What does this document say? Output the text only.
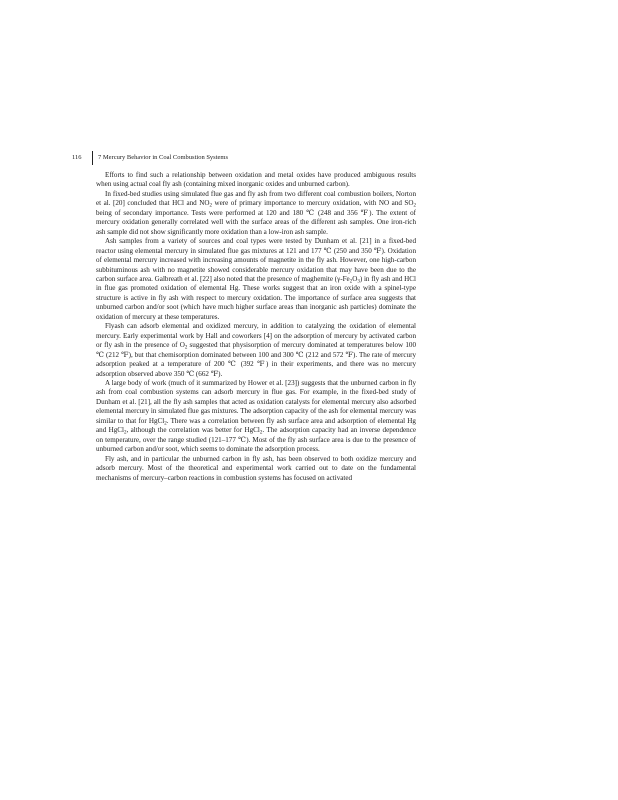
116	7 Mercury Behavior in Coal Combustion Systems

Efforts to find such a relationship between oxidation and metal oxides have produced ambiguous results when using actual coal fly ash (containing mixed inorganic oxides and unburned carbon).

In fixed-bed studies using simulated flue gas and fly ash from two different coal combustion boilers, Norton et al. [20] concluded that HCl and $NO_2$ were of primary importance to mercury oxidation, with NO and $SO_2$ being of secondary importance. Tests were performed at 120 and 180 ℃ (248 and 356 ℉). The extent of mercury oxidation generally correlated well with the surface areas of the different ash samples. One iron-rich ash sample did not show significantly more oxidation than a low-iron ash sample.

Ash samples from a variety of sources and coal types were tested by Dunham et al. [21] in a fixed-bed reactor using elemental mercury in simulated flue gas mixtures at 121 and 177 ℃ (250 and 350 ℉). Oxidation of elemental mercury increased with increasing amounts of magnetite in the fly ash. However, one high-carbon subbituminous ash with no magnetite showed considerable mercury oxidation that may have been due to the carbon surface area. Galbreath et al. [22] also noted that the presence of maghemite $(\gamma-Fe_2O_3)$ in fly ash and HCl in flue gas promoted oxidation of elemental Hg. These works suggest that an iron oxide with a spinel-type structure is active in fly ash with respect to mercury oxidation. The importance of surface area suggests that unburned carbon and/or soot (which have much higher surface areas than inorganic ash particles) dominate the oxidation of mercury at these temperatures.

Flyash can adsorb elemental and oxidized mercury, in addition to catalyzing the oxidation of elemental mercury. Early experimental work by Hall and coworkers [4] on the adsorption of mercury by activated carbon or fly ash in the presence of $O_2$ suggested that physisorption of mercury dominated at temperatures below 100 ℃ (212 ℉), but that chemisorption dominated between 100 and 300 ℃ (212 and 572 ℉). The rate of mercury adsorption peaked at a temperature of 200 ℃ (392 ℉) in their experiments, and there was no mercury adsorption observed above 350 ℃ (662 ℉).

A large body of work (much of it summarized by Hower et al. [23]) suggests that the unburned carbon in fly ash from coal combustion systems can adsorb mercury in flue gas. For example, in the fixed-bed study of Dunham et al. [21], all the fly ash samples that acted as oxidation catalysts for elemental mercury also adsorbed elemental mercury in simulated flue gas mixtures. The adsorption capacity of the ash for elemental mercury was similar to that for HgCl$_2$. There was a correlation between fly ash surface area and adsorption of elemental Hg and HgCl$_2$, although the correlation was better for HgCl$_2$. The adsorption capacity had an inverse dependence on temperature, over the range studied (121–177 ℃). Most of the fly ash surface area is due to the presence of unburned carbon and/or soot, which seems to dominate the adsorption process.

Fly ash, and in particular the unburned carbon in fly ash, has been observed to both oxidize mercury and adsorb mercury. Most of the theoretical and experimental work carried out to date on the fundamental mechanisms of mercury–carbon reactions in combustion systems has focused on activated
